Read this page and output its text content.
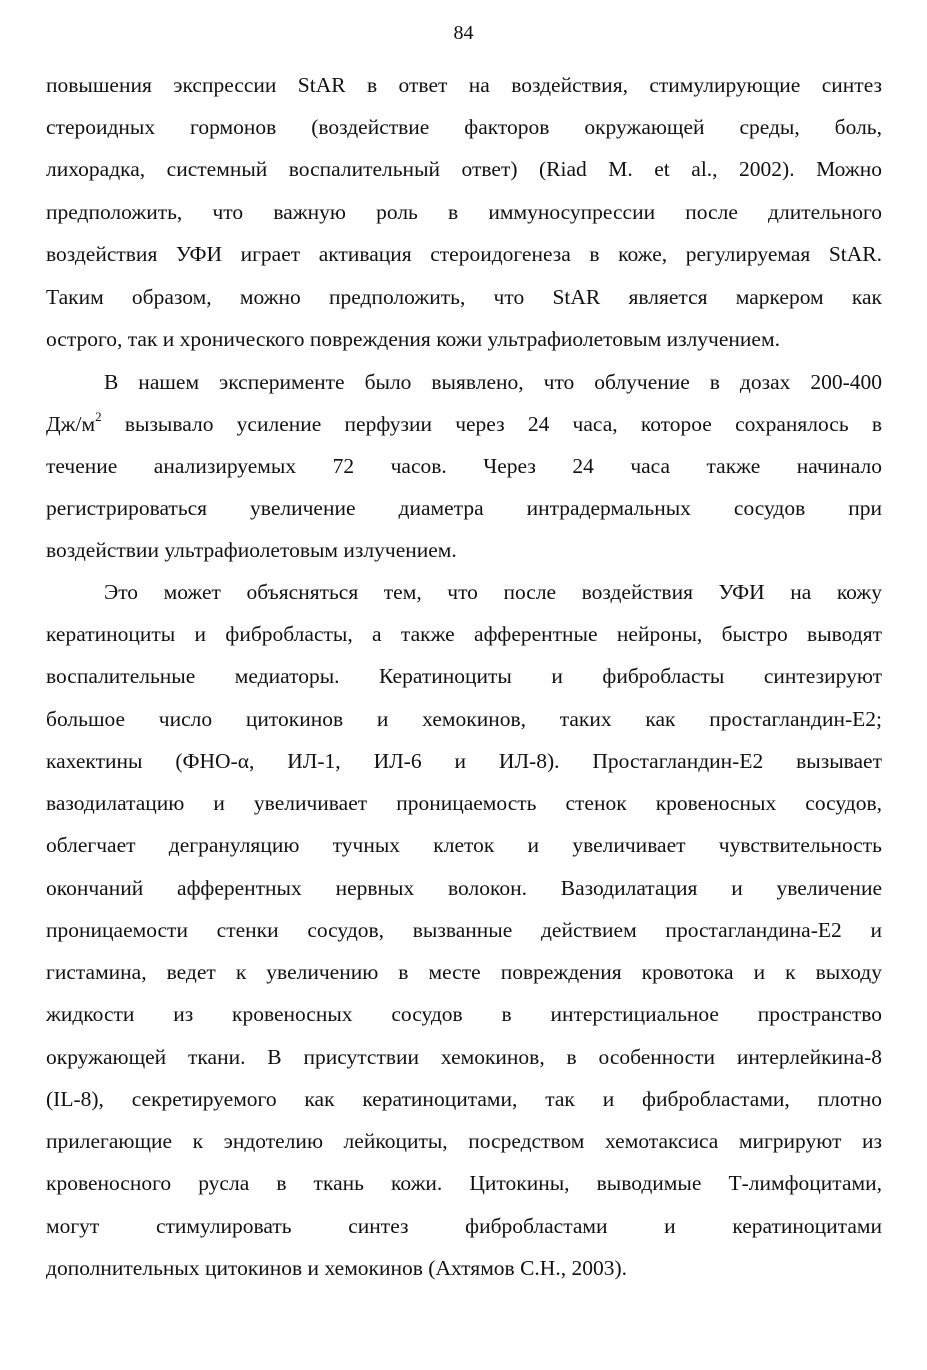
84
повышения экспрессии StAR в ответ на воздействия, стимулирующие синтез
стероидных гормонов (воздействие факторов окружающей среды, боль,
лихорадка, системный воспалительный ответ) (Riad M. et al., 2002). Можно
предположить, что важную роль в иммуносупрессии после длительного
воздействия УФИ играет активация стероидогенеза в коже, регулируемая StAR.
Таким образом, можно предположить, что StAR является маркером как
острого, так и хронического повреждения кожи ультрафиолетовым излучением.
В нашем эксперименте было выявлено, что облучение в дозах 200-400
$Дж/м^2$ вызывало усиление перфузии через 24 часа, которое сохранялось в
течение анализируемых 72 часов. Через 24 часа также начинало
регистрироваться увеличение диаметра интрадермальных сосудов при
воздействии ультрафиолетовым излучением.
Это может объясняться тем, что после воздействия УФИ на кожу
кератиноциты и фибробласты, а также афферентные нейроны, быстро выводят
воспалительные медиаторы. Кератиноциты и фибробласты синтезируют
большое число цитокинов и хемокинов, таких как простагландин-Е2;
кахектины (ФНО-α, ИЛ-1, ИЛ-6 и ИЛ-8). Простагландин-Е2 вызывает
вазодилатацию и увеличивает проницаемость стенок кровеносных сосудов,
облегчает дегрануляцию тучных клеток и увеличивает чувствительность
окончаний афферентных нервных волокон. Вазодилатация и увеличение
проницаемости стенки сосудов, вызванные действием простагландина-Е2 и
гистамина, ведет к увеличению в месте повреждения кровотока и к выходу
жидкости из кровеносных сосудов в интерстициальное пространство
окружающей ткани. В присутствии хемокинов, в особенности интерлейкина-8
(IL-8), секретируемого как кератиноцитами, так и фибробластами, плотно
прилегающие к эндотелию лейкоциты, посредством хемотаксиса мигрируют из
кровеносного русла в ткань кожи. Цитокины, выводимые Т-лимфоцитами,
могут стимулировать синтез фибробластами и кератиноцитами
дополнительных цитокинов и хемокинов (Ахтямов С.Н., 2003).
